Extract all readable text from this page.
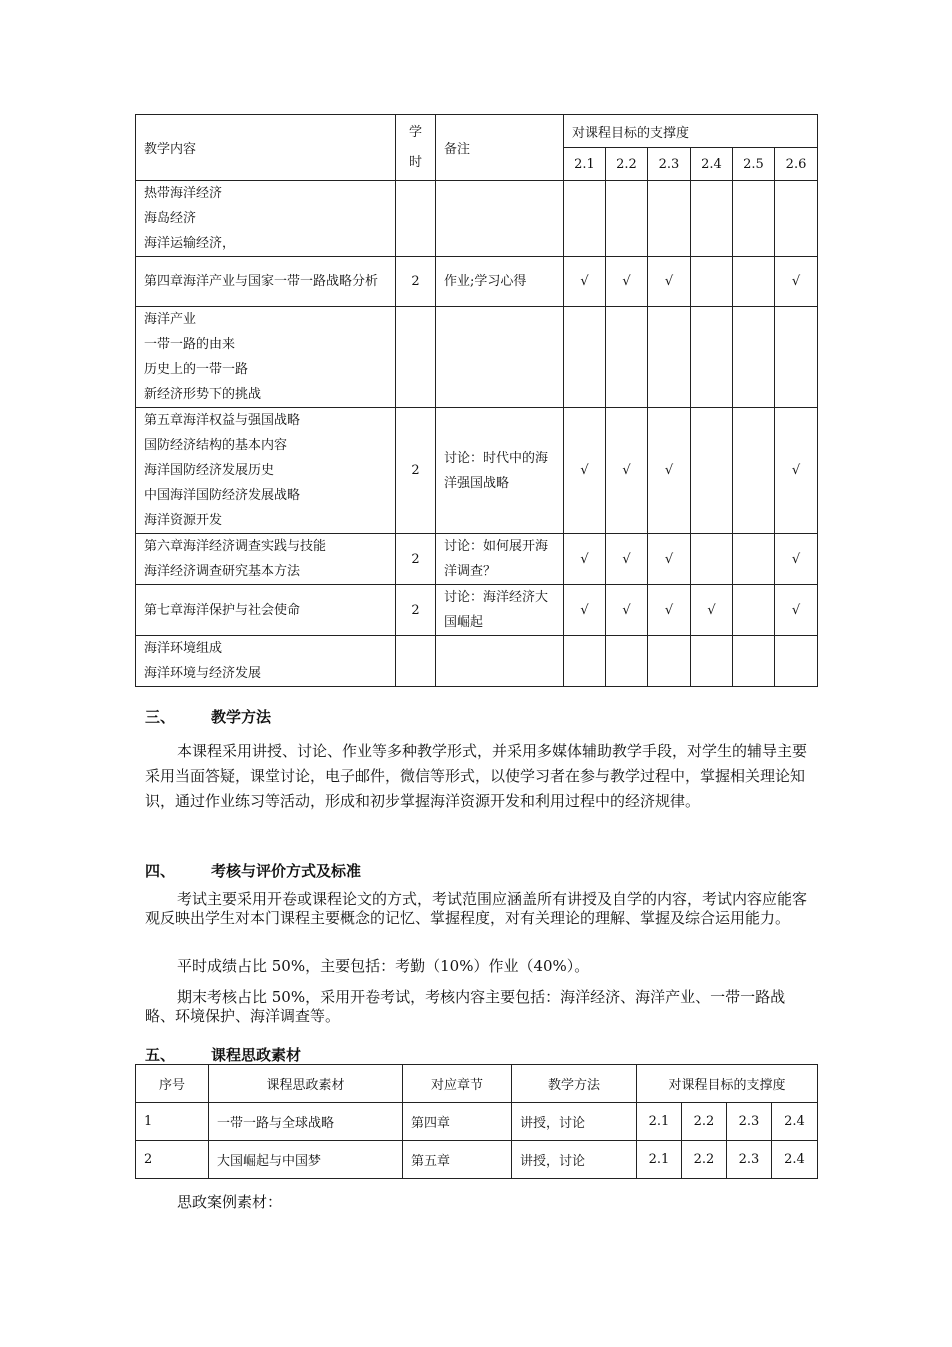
教学内容	学时	备注	对课程目标的支撑度					
			2.1	2.2	2.3	2.4	2.5	2.6

热带海洋经济
海岛经济
海洋运输经济，								

第四章海洋产业与国家一带一路战略分析	2	作业;学习心得	√	√	√			√

海洋产业
一带一路的由来
历史上的一带一路
新经济形势下的挑战								

第五章海洋权益与强国战略
国防经济结构的基本内容
海洋国防经济发展历史
中国海洋国防经济发展战略
海洋资源开发	2	讨论：时代中的海洋强国战略	√	√	√			√

第六章海洋经济调查实践与技能
海洋经济调查研究基本方法	2	讨论：如何展开海洋调查？	√	√	√			√

第七章海洋保护与社会使命	2	讨论：海洋经济大国崛起	√	√	√	√		√

海洋环境组成
海洋环境与经济发展								

三、 教学方法

本课程采用讲授、讨论、作业等多种教学形式，并采用多媒体辅助教学手段，对学生的辅导主要采用当面答疑，课堂讨论，电子邮件，微信等形式，以使学习者在参与教学过程中，掌握相关理论知识，通过作业练习等活动，形成和初步掌握海洋资源开发和利用过程中的经济规律。

四、 考核与评价方式及标准

考试主要采用开卷或课程论文的方式，考试范围应涵盖所有讲授及自学的内容，考试内容应能客观反映出学生对本门课程主要概念的记忆、掌握程度，对有关理论的理解、掌握及综合运用能力。

平时成绩占比 50%，主要包括：考勤（10%）作业（40%）。

期末考核占比 50%，采用开卷考试，考核内容主要包括：海洋经济、海洋产业、一带一路战略、环境保护、海洋调查等。

五、 课程思政素材
序号	课程思政素材	对应章节	教学方法	对课程目标的支撑度			
1	一带一路与全球战略	第四章	讲授，讨论	2.1	2.2	2.3	2.4
2	大国崛起与中国梦	第五章	讲授，讨论	2.1	2.2	2.3	2.4

思政案例素材：
